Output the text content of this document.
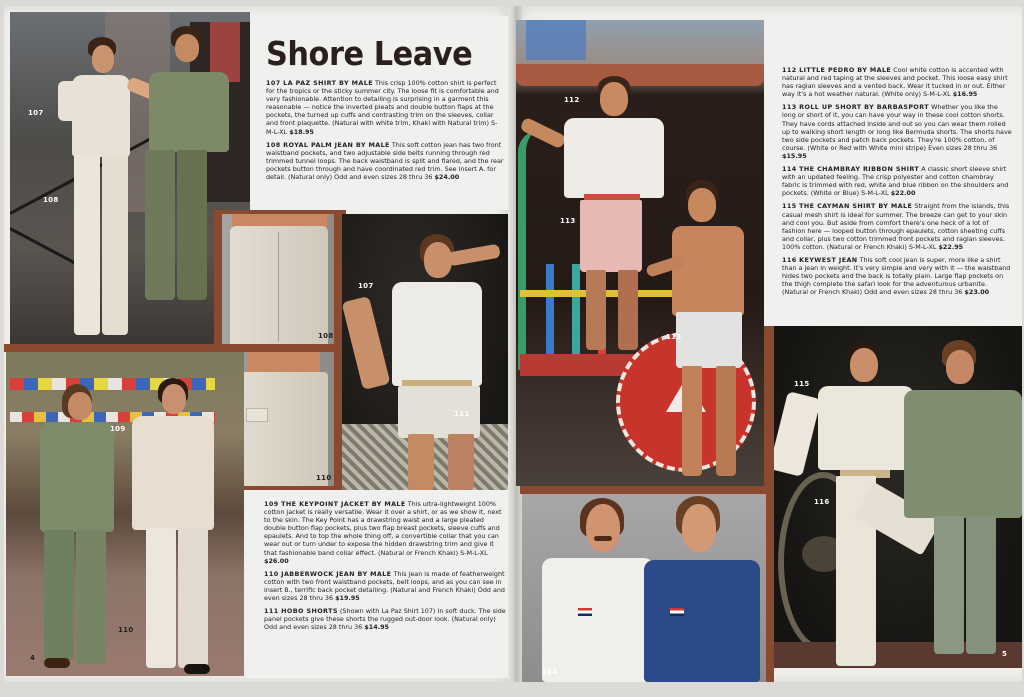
107
108
Shore Leave

107 LA PAZ SHIRT BY MALE This crisp 100% cotton shirt is perfect for the tropics or the sticky summer city. The loose fit is comfortable and very fashionable. Attention to detailing is surprising in a garment this reasonable — notice the inverted pleats and double button flaps at the pockets, the turned up cuffs and contrasting trim on the sleeves, collar and front plaquette. (Natural with white trim, Khaki with Natural trim) S-M-L-XL $18.95

108 ROYAL PALM JEAN BY MALE This soft cotton jean has two front waistband pockets, and two adjustable side belts running through red trimmed tunnel loops. The back waistband is split and flared, and the rear pockets button through and have coordinated red trim. See insert A. for detail. (Natural only) Odd and even sizes 28 thru 36 $24.00

108
110
107
111
109
110
4

109 THE KEYPOINT JACKET BY MALE This ultra-lightweight 100% cotton jacket is really versatile. Wear it over a shirt, or as we show it, next to the skin. The Key Point has a drawstring waist and a large pleated double button flap pockets, plus two flap breast pockets, sleeve cuffs and epaulets. And to top the whole thing off, a convertible collar that you can wear out or turn under to expose the hidden drawstring trim and give it that fashionable band collar effect. (Natural or French Khaki) S-M-L-XL $26.00

110 JABBERWOCK JEAN BY MALE This jean is made of featherweight cotton with two front waistband pockets, belt loops, and as you can see in insert B., terrific back pocket detailing. (Natural and French Khaki) Odd and even sizes 28 thru 36 $19.95

111 HOBO SHORTS (Shown with La Paz Shirt 107) In soft duck. The side panel pockets give these shorts the rugged out-door look. (Natural only) Odd and even sizes 28 thru 36 $14.95

112
113
113
114

112 LITTLE PEDRO BY MALE Cool white cotton is accented with natural and red taping at the sleeves and pocket. This loose easy shirt has raglan sleeves and a vented back. Wear it tucked in or out. Either way it's a hot weather natural. (White only) S-M-L-XL $16.95

113 ROLL UP SHORT BY BARBASPORT Whether you like the long or short of it, you can have your way in these cool cotton shorts. They have cords attached inside and out so you can wear them rolled up to walking short length or long like Bermuda shorts. The shorts have two side pockets and patch back pockets. They're 100% cotton, of course. (White or Red with White mini stripe) Even sizes 28 thru 36 $15.95

114 THE CHAMBRAY RIBBON SHIRT A classic short sleeve shirt with an updated feeling. The crisp polyester and cotton chambray fabric is trimmed with red, white and blue ribbon on the shoulders and pockets. (White or Blue) S-M-L-XL $22.00

115 THE CAYMAN SHIRT BY MALE Straight from the islands, this casual mesh shirt is ideal for summer. The breeze can get to your skin and cool you. But aside from comfort there's one heck of a lot of fashion here — looped button through epaulets, cotton sheeting cuffs and collar, plus two cotton trimmed front pockets and raglan sleeves. 100% cotton. (Natural or French Khaki) S-M-L-XL $22.95

116 KEYWEST JEAN This soft cool jean is super, more like a shirt than a jean in weight. It's very simple and very with it — the waistband hides two pockets and the back is totally plain. Large flap pockets on the thigh complete the safari look for the adventurous urbanite. (Natural or French Khaki) Odd and even sizes 28 thru 36 $23.00

115
116
5
